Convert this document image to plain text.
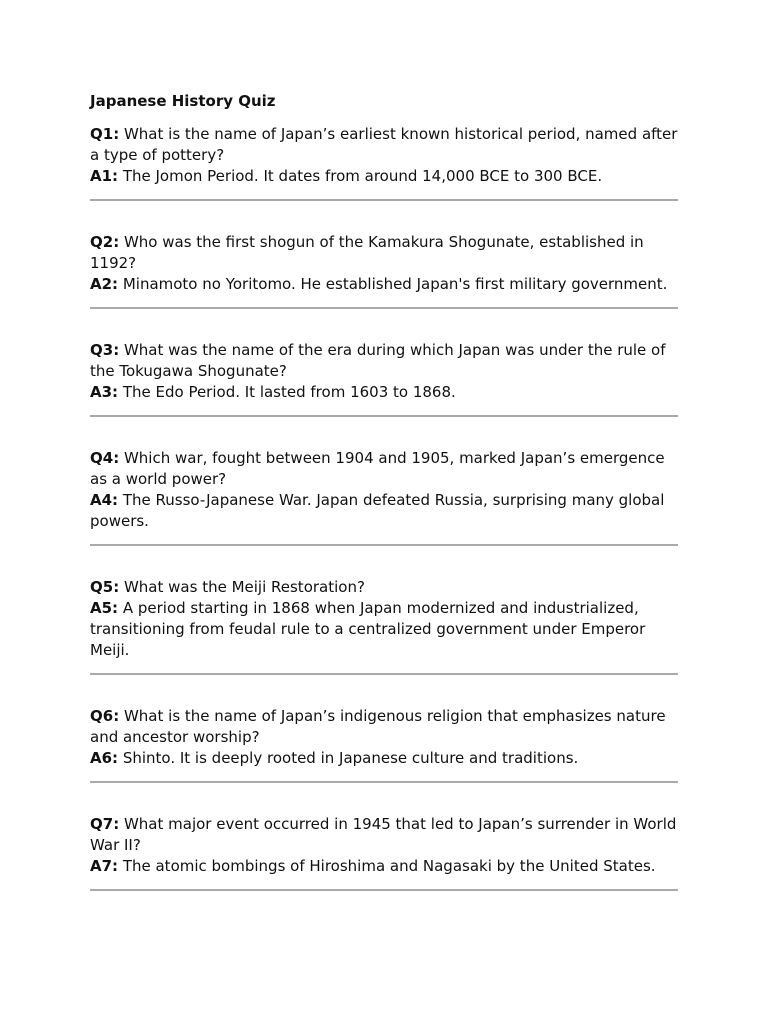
Japanese History Quiz

Q1: What is the name of Japan’s earliest known historical period, named after a type of pottery?

A1: The Jomon Period. It dates from around 14,000 BCE to 300 BCE.

Q2: Who was the first shogun of the Kamakura Shogunate, established in 1192?

A2: Minamoto no Yoritomo. He established Japan's first military government.

Q3: What was the name of the era during which Japan was under the rule of the Tokugawa Shogunate?

A3: The Edo Period. It lasted from 1603 to 1868.

Q4: Which war, fought between 1904 and 1905, marked Japan’s emergence as a world power?

A4: The Russo-Japanese War. Japan defeated Russia, surprising many global powers.

Q5: What was the Meiji Restoration?

A5: A period starting in 1868 when Japan modernized and industrialized, transitioning from feudal rule to a centralized government under Emperor Meiji.

Q6: What is the name of Japan’s indigenous religion that emphasizes nature and ancestor worship?

A6: Shinto. It is deeply rooted in Japanese culture and traditions.

Q7: What major event occurred in 1945 that led to Japan’s surrender in World War II?

A7: The atomic bombings of Hiroshima and Nagasaki by the United States.
